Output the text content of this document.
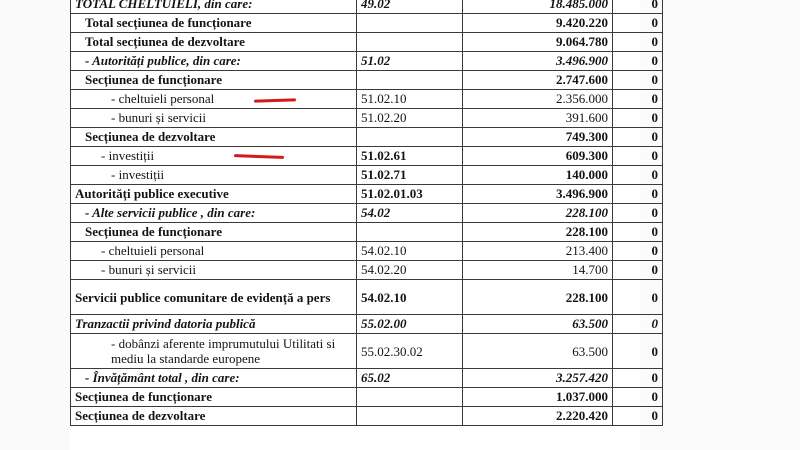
TOTAL CHELTUIELI, din care:	49.02	18.485.000	0
Total secțiunea de funcționare		9.420.220	0
Total secțiunea de dezvoltare		9.064.780	0
- Autorități publice, din care:	51.02	3.496.900	0
Secțiunea de funcționare		2.747.600	0
- cheltuieli personal	51.02.10	2.356.000	0
- bunuri și servicii	51.02.20	391.600	0
Secțiunea de dezvoltare		749.300	0
- investiții	51.02.61	609.300	0
- investiții	51.02.71	140.000	0
Autorități publice executive	51.02.01.03	3.496.900	0
- Alte servicii publice , din care:	54.02	228.100	0
Secțiunea de funcționare		228.100	0
- cheltuieli personal	54.02.10	213.400	0
- bunuri și servicii	54.02.20	14.700	0
Servicii publice comunitare de evidență a pers	54.02.10	228.100	0
Tranzactii privind datoria publică	55.02.00	63.500	0
- dobânzi aferente imprumutului Utilitati si mediu la standarde europene	55.02.30.02	63.500	0
- Învățământ total , din care:	65.02	3.257.420	0
Secțiunea de funcționare		1.037.000	0
Secțiunea de dezvoltare		2.220.420	0
